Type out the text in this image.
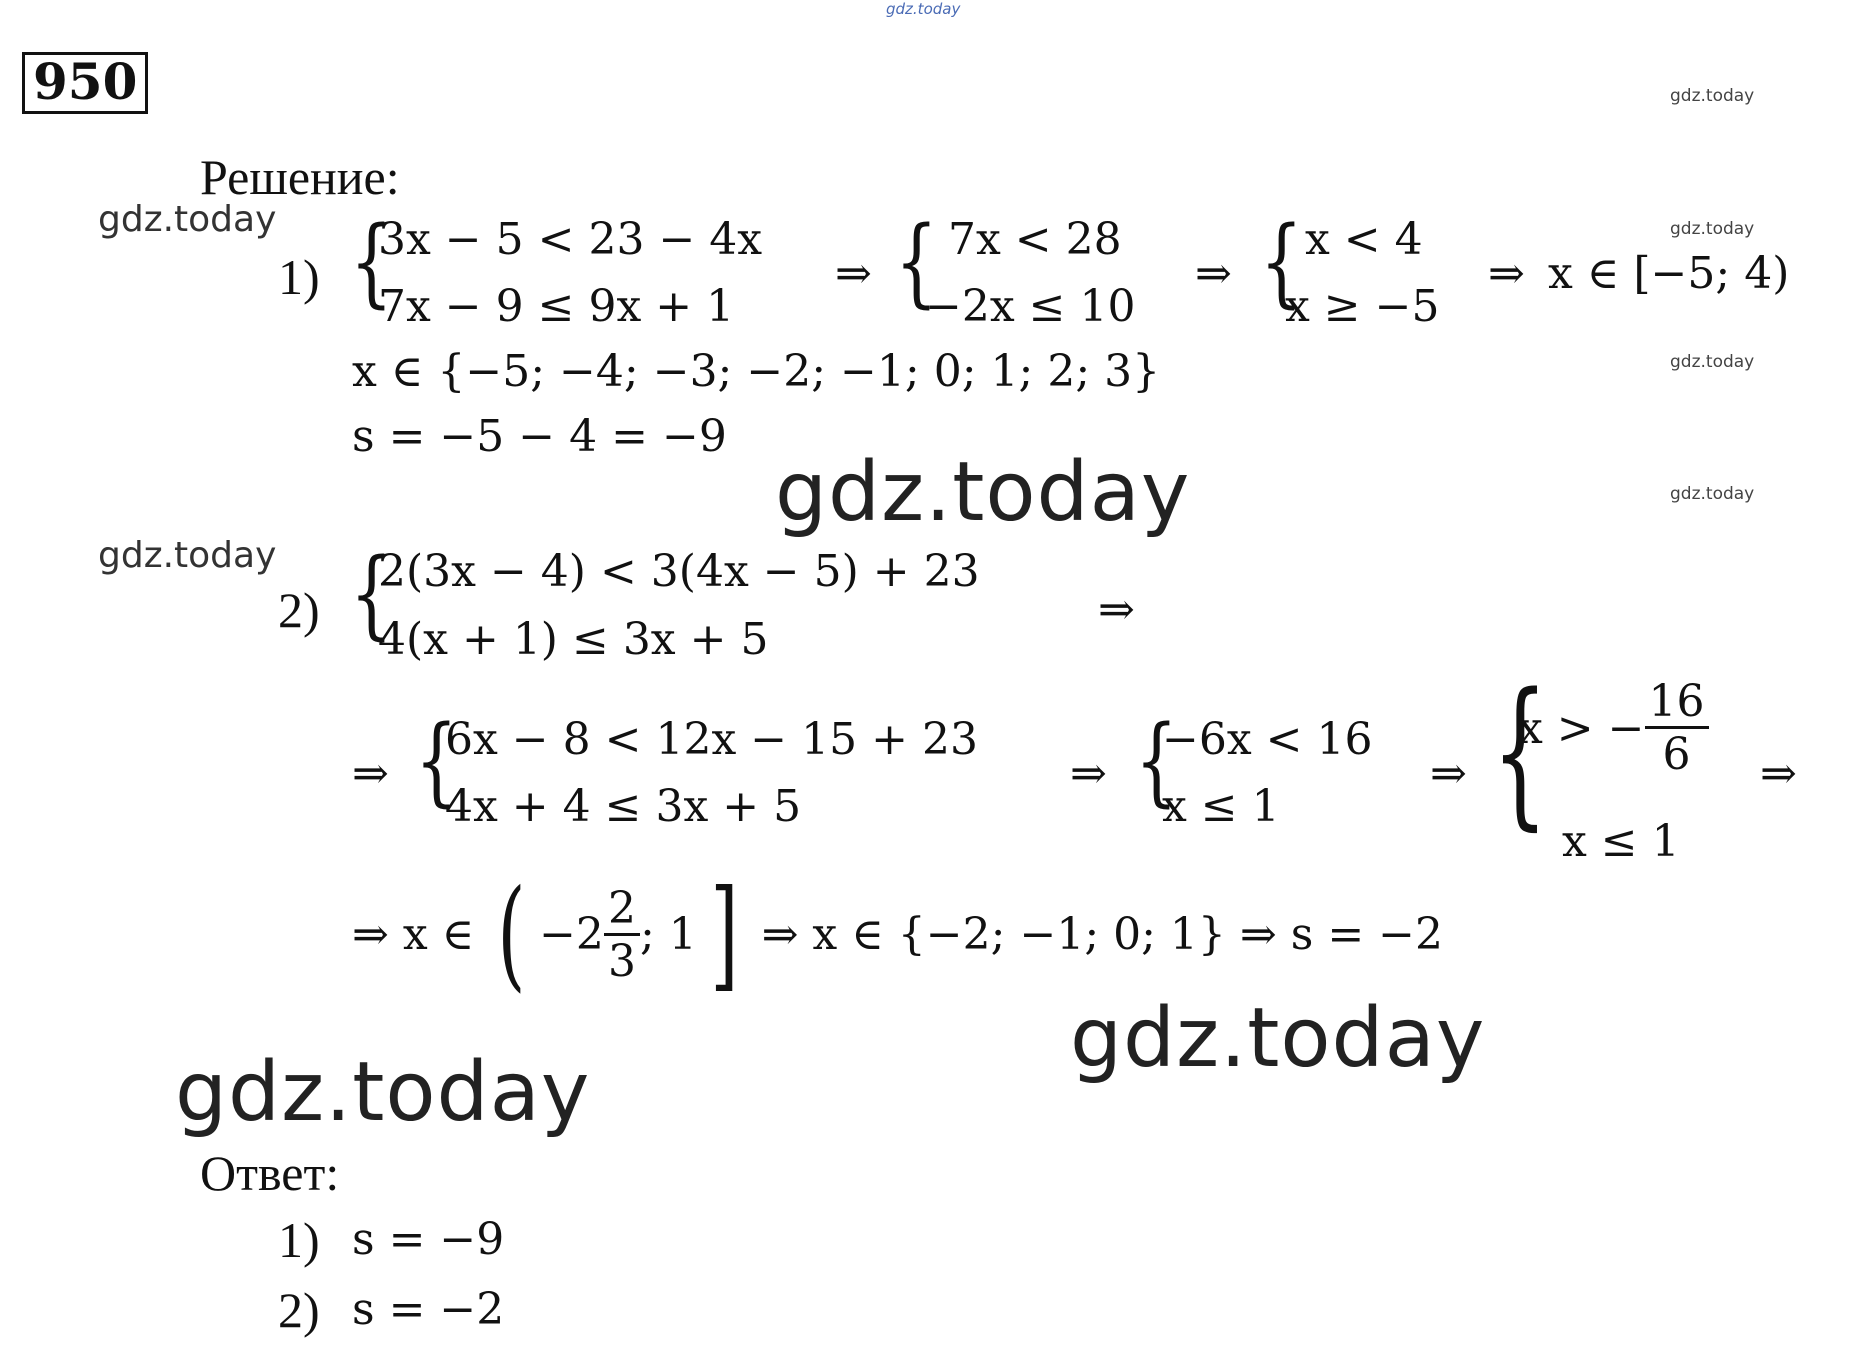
gdz.today
gdz.today
gdz.today
gdz.today
gdz.today
gdz.today
gdz.today
gdz.today
gdz.today
gdz.today
950
Решение:
1) {
3x − 5 < 23 − 4x
7x − 9 ≤ 9x + 1
⇒ { 7x < 28
−2x ≤ 10
⇒ { x < 4
x ≥ −5
⇒ x ∈ [−5; 4)
x ∈ {−5; −4; −3; −2; −1; 0; 1; 2; 3}
s = −5 − 4 = −9
2) {
2(3x − 4) < 3(4x − 5) + 23
4(x + 1) ≤ 3x + 5
⇒
⇒ {
6x − 8 < 12x − 15 + 23
4x + 4 ≤ 3x + 5
⇒ {
−6x < 16
x ≤ 1
⇒ {
x > − $\frac{16}{6}$
x ≤ 1
⇒
⇒ x ∈ ( $-2 \frac{2}{3}$ ; 1 ] ⇒ x ∈ {−2; −1; 0; 1} ⇒ s = −2
Ответ:
1) s = −9
2) s = −2
